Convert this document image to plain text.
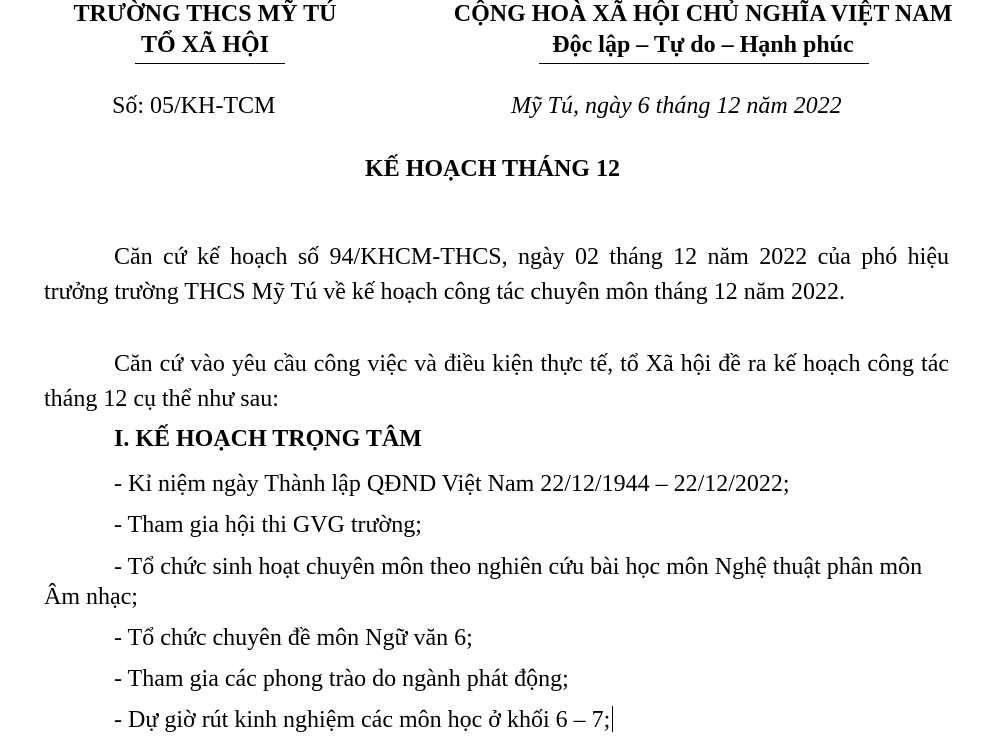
TRƯỜNG THCS MỸ TÚ
TỔ XÃ HỘI
CỘNG HOÀ XÃ HỘI CHỦ NGHĨA VIỆT NAM
Độc lập – Tự do – Hạnh phúc
Số: 05/KH-TCM	Mỹ Tú, ngày 6 tháng 12 năm 2022
KẾ HOẠCH THÁNG 12
Căn cứ kế hoạch số 94/KHCM-THCS, ngày 02 tháng 12 năm 2022 của phó hiệu trưởng trường THCS Mỹ Tú về kế hoạch công tác chuyên môn tháng 12 năm 2022.
Căn cứ vào yêu cầu công việc và điều kiện thực tế, tổ Xã hội đề ra kế hoạch công tác tháng 12 cụ thể như sau:
I. KẾ HOẠCH TRỌNG TÂM
- Kỉ niệm ngày Thành lập QĐND Việt Nam 22/12/1944 – 22/12/2022;
- Tham gia hội thi GVG trường;
- Tổ chức sinh hoạt chuyên môn theo nghiên cứu bài học môn Nghệ thuật phân môn Âm nhạc;
- Tổ chức chuyên đề môn Ngữ văn 6;
- Tham gia các phong trào do ngành phát động;
- Dự giờ rút kinh nghiệm các môn học ở khối 6 – 7;
